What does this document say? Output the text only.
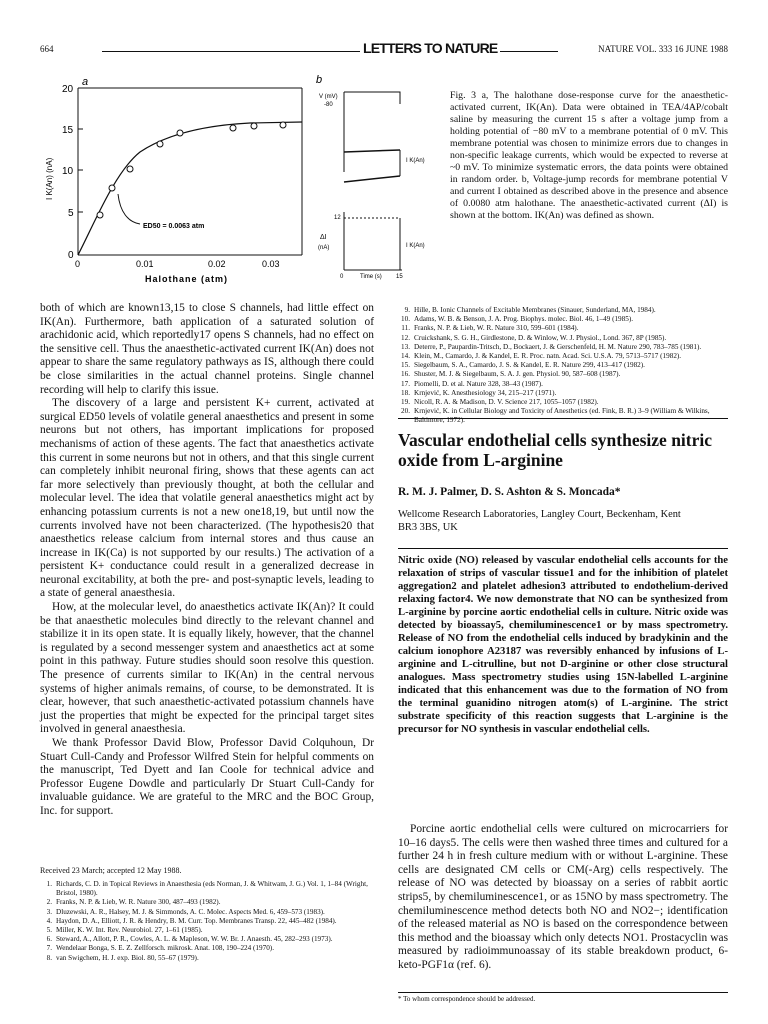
664	LETTERS TO NATURE	NATURE VOL. 333 16 JUNE 1988
a
20
15
10
5
0
I K(An) (nA)
0	0.01	0.02	0.03
Halothane (atm)
ED50 = 0.0063 atm
b
V (mV)
-80
I K(An)
12
ΔI
(nA)	I K(An)
0	Time (s) 15
Fig. 3 a, The halothane dose-response curve for the anaesthetic-activated current, IK(An). Data were obtained in TEA/4AP/cobalt saline by measuring the current 15 s after a voltage jump from a holding potential of −80 mV to a membrane potential of 0 mV. This membrane potential was chosen to minimize errors due to changes in non-specific leakage currents, which would be expected to reverse at ~0 mV. To minimize systematic errors, the data points were obtained in random order. b, Voltage-jump records for membrane potential V and current I obtained as described above in the presence and absence of 0.0080 atm halothane. The anaesthetic-activated current (ΔI) is shown at the bottom. IK(An) was defined as shown.

both of which are known13,15 to close S channels, had little effect on IK(An). Furthermore, bath application of a saturated solution of arachidonic acid, which reportedly17 opens S channels, had no effect on the sensitive cell. Thus the anaesthetic-activated current IK(An) does not appear to share the same regulatory pathways as IS, although there could be close similarities in the actual channel proteins. Single channel recording will help to clarify this issue.

The discovery of a large and persistent K+ current, activated at surgical ED50 levels of volatile general anaesthetics and present in some neurons but not others, has important implications for proposed mechanisms of action of these agents. The fact that anaesthetics activate this current in some neurons but not in others, and that this single current can completely inhibit neuronal firing, shows that these agents can act far more selectively than previously thought, at both the cellular and molecular level. The idea that volatile general anaesthetics might act by enhancing potassium currents is not a new one18,19, but until now the currents involved have not been characterized. (The hypothesis20 that anaesthetics release calcium from internal stores and thus cause an increase in IK(Ca) is not supported by our results.) The activation of a persistent K+ conductance could result in a generalized decrease in neuronal excitability, at both the pre- and post-synaptic levels, leading to a state of general anaesthesia.

How, at the molecular level, do anaesthetics activate IK(An)? It could be that anaesthetic molecules bind directly to the relevant channel and stabilize it in its open state. It is equally likely, however, that the channel is regulated by a second messenger system and anaesthetics act at some point in this pathway. Future studies should soon resolve this question. The presence of currents similar to IK(An) in the central nervous systems of higher animals remains, of course, to be demonstrated. It is clear, however, that such anaesthetic-activated potassium channels have just the properties that might be expected for the principal target sites involved in general anaesthesia.

We thank Professor David Blow, Professor David Colquhoun, Dr Stuart Cull-Candy and Professor Wilfred Stein for helpful comments on the manuscript, Ted Dyett and Ian Coole for technical advice and Professor Eugene Dowdle and particularly Dr Stuart Cull-Candy for invaluable guidance. We are grateful to the MRC and the BOC Group, Inc. for support.

Received 23 March; accepted 12 May 1988.
1. Richards, C. D. in Topical Reviews in Anaesthesia (eds Norman, J. & Whitwam, J. G.) Vol. 1, 1–84 (Wright, Bristol, 1980).
2. Franks, N. P. & Lieb, W. R. Nature 300, 487–493 (1982).
3. Dluzewski, A. R., Halsey, M. J. & Simmonds, A. C. Molec. Aspects Med. 6, 459–573 (1983).
4. Haydon, D. A., Elliott, J. R. & Hendry, B. M. Curr. Top. Membranes Transp. 22, 445–482 (1984).
5. Miller, K. W. Int. Rev. Neurobiol. 27, 1–61 (1985).
6. Steward, A., Allott, P. R., Cowles, A. L. & Mapleson, W. W. Br. J. Anaesth. 45, 282–293 (1973).
7. Wendelaar Bonga, S. E. Z. Zellforsch. mikrosk. Anat. 108, 190–224 (1970).
8. van Swigchem, H. J. exp. Biol. 80, 55–67 (1979).
9. Hille, B. Ionic Channels of Excitable Membranes (Sinauer, Sunderland, MA, 1984).
10. Adams, W. B. & Benson, J. A. Prog. Biophys. molec. Biol. 46, 1–49 (1985).
11. Franks, N. P. & Lieb, W. R. Nature 310, 599–601 (1984).
12. Cruickshank, S. G. H., Girdlestone, D. & Winlow, W. J. Physiol., Lond. 367, 8P (1985).
13. Deterre, P., Paupardin-Tritsch, D., Bockaert, J. & Gerschenfeld, H. M. Nature 290, 783–785 (1981).
14. Klein, M., Camardo, J. & Kandel, E. R. Proc. natn. Acad. Sci. U.S.A. 79, 5713–5717 (1982).
15. Siegelbaum, S. A., Camardo, J. S. & Kandel, E. R. Nature 299, 413–417 (1982).
16. Shuster, M. J. & Siegelbaum, S. A. J. gen. Physiol. 90, 587–608 (1987).
17. Piomelli, D. et al. Nature 328, 38–43 (1987).
18. Krnjević, K. Anesthesiology 34, 215–217 (1971).
19. Nicoll, R. A. & Madison, D. V. Science 217, 1055–1057 (1982).
20. Krnjević, K. in Cellular Biology and Toxicity of Anesthetics (ed. Fink, B. R.) 3–9 (William & Wilkins, Baltimore, 1972).
Vascular endothelial cells synthesize nitric oxide from L-arginine
R. M. J. Palmer, D. S. Ashton & S. Moncada*
Wellcome Research Laboratories, Langley Court, Beckenham, Kent BR3 3BS, UK
Nitric oxide (NO) released by vascular endothelial cells accounts for the relaxation of strips of vascular tissue1 and for the inhibition of platelet aggregation2 and platelet adhesion3 attributed to endothelium-derived relaxing factor4. We now demonstrate that NO can be synthesized from L-arginine by porcine aortic endothelial cells in culture. Nitric oxide was detected by bioassay5, chemiluminescence1 or by mass spectrometry. Release of NO from the endothelial cells induced by bradykinin and the calcium ionophore A23187 was reversibly enhanced by infusions of L-arginine and L-citrulline, but not D-arginine or other close structural analogues. Mass spectrometry studies using 15N-labelled L-arginine indicated that this enhancement was due to the formation of NO from the terminal guanidino nitrogen atom(s) of L-arginine. The strict substrate specificity of this reaction suggests that L-arginine is the precursor for NO synthesis in vascular endothelial cells.

Porcine aortic endothelial cells were cultured on microcarriers for 10–16 days5. The cells were then washed three times and cultured for a further 24 h in fresh culture medium with or without L-arginine. These cells are designated CM cells or CM(-Arg) cells respectively. The release of NO was detected by bioassay on a series of rabbit aortic strips5, by chemiluminescence1, or as 15NO by mass spectrometry. The chemiluminescence method detects both NO and NO2−; identification of the released material as NO is based on the correspondence between this method and the bioassay which only detects NO1. Prostacyclin was measured by radioimmunoassay of its stable breakdown product, 6-keto-PGF1α (ref. 6).

* To whom correspondence should be addressed.
